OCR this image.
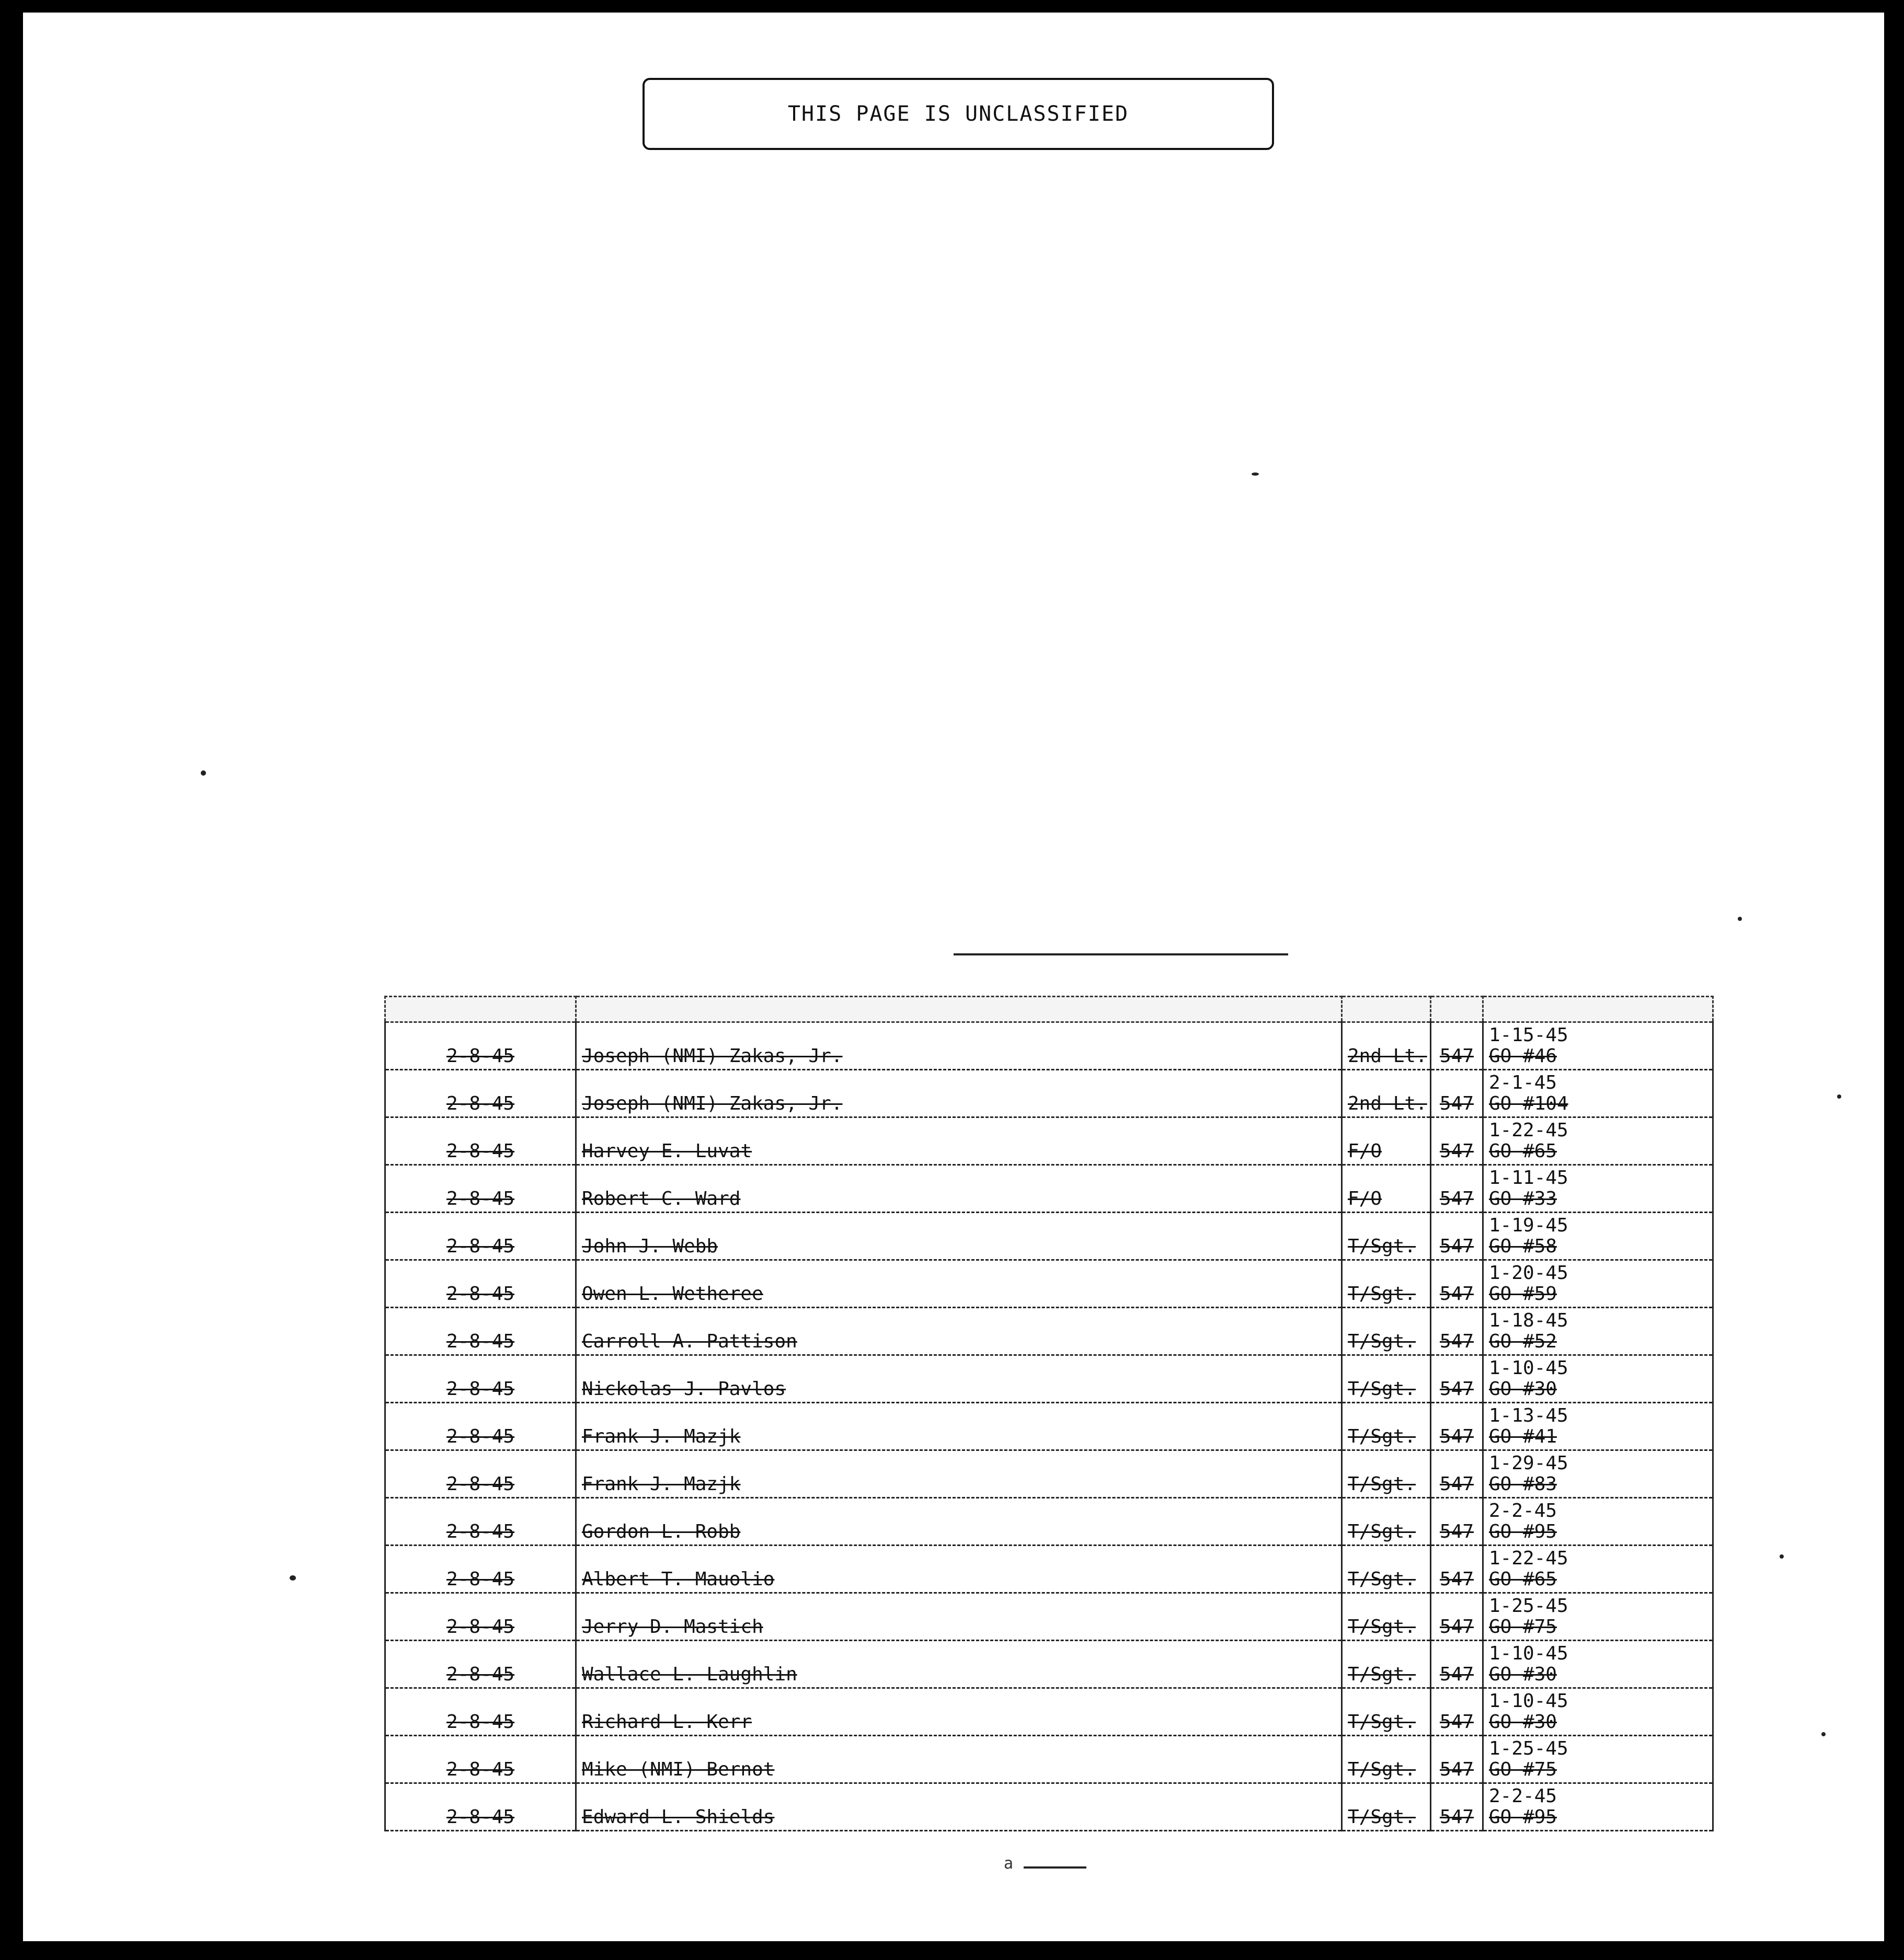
THIS PAGE IS UNCLASSIFIED

2-8-45	Joseph (NMI) Zakas, Jr.	2nd Lt.	547	1-15-45
GO #46

2-8-45	Joseph (NMI) Zakas, Jr.	2nd Lt.	547	2-1-45
GO #104

2-8-45	Harvey E. Luvat	F/O	547	1-22-45
GO #65

2-8-45	Robert C. Ward	F/O	547	1-11-45
GO #33

2-8-45	John J. Webb	T/Sgt.	547	1-19-45
GO #58

2-8-45	Owen L. Wetheree	T/Sgt.	547	1-20-45
GO #59

2-8-45	Carroll A. Pattison	T/Sgt.	547	1-18-45
GO #52

2-8-45	Nickolas J. Pavlos	T/Sgt.	547	1-10-45
GO #30

2-8-45	Frank J. Mazjk	T/Sgt.	547	1-13-45
GO #41

2-8-45	Frank J. Mazjk	T/Sgt.	547	1-29-45
GO #83

2-8-45	Gordon L. Robb	T/Sgt.	547	2-2-45
GO #95

2-8-45	Albert T. Mauolio	T/Sgt.	547	1-22-45
GO #65

2-8-45	Jerry D. Mastich	T/Sgt.	547	1-25-45
GO #75

2-8-45	Wallace L. Laughlin	T/Sgt.	547	1-10-45
GO #30

2-8-45	Richard L. Kerr	T/Sgt.	547	1-10-45
GO #30

2-8-45	Mike (NMI) Bernot	T/Sgt.	547	1-25-45
GO #75

2-8-45	Edward L. Shields	T/Sgt.	547	2-2-45
GO #95
a
